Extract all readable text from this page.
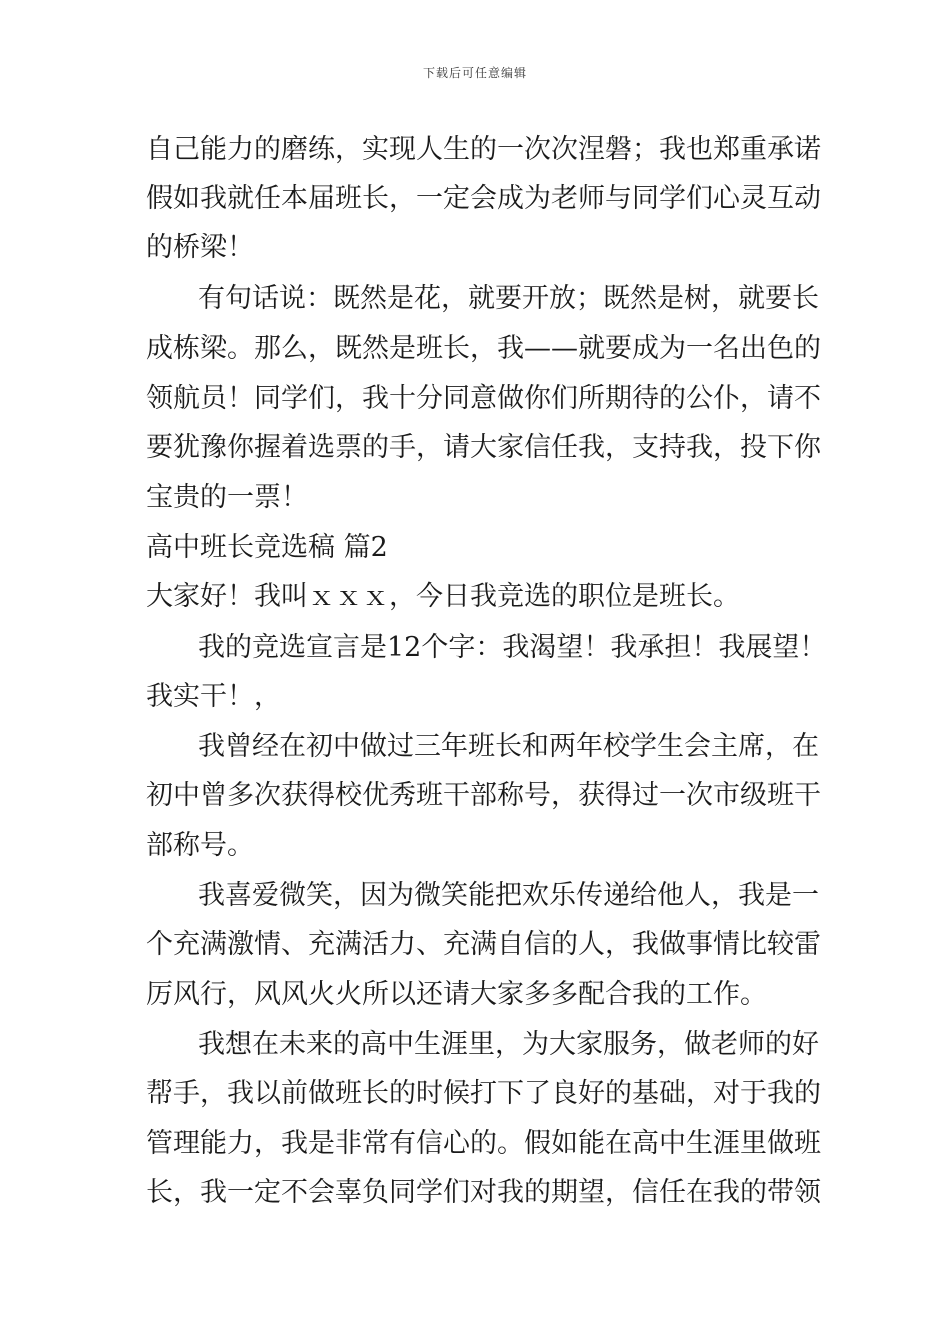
下载后可任意编辑
自己能力的磨练，实现人生的一次次涅磐；我也郑重承诺
假如我就任本届班长，一定会成为老师与同学们心灵互动
的桥梁！
有句话说：既然是花，就要开放；既然是树，就要长
成栋梁。那么，既然是班长，我——就要成为一名出色的
领航员！同学们，我十分同意做你们所期待的公仆，请不
要犹豫你握着选票的手，请大家信任我，支持我，投下你
宝贵的一票！
高中班长竞选稿 篇2
大家好！我叫ｘｘｘ，今日我竞选的职位是班长。
我的竞选宣言是12个字：我渴望！我承担！我展望！
我实干！，
我曾经在初中做过三年班长和两年校学生会主席，在
初中曾多次获得校优秀班干部称号，获得过一次市级班干
部称号。
我喜爱微笑，因为微笑能把欢乐传递给他人，我是一
个充满激情、充满活力、充满自信的人，我做事情比较雷
厉风行，风风火火所以还请大家多多配合我的工作。
我想在未来的高中生涯里，为大家服务，做老师的好
帮手，我以前做班长的时候打下了良好的基础，对于我的
管理能力，我是非常有信心的。假如能在高中生涯里做班
长，我一定不会辜负同学们对我的期望，信任在我的带领
